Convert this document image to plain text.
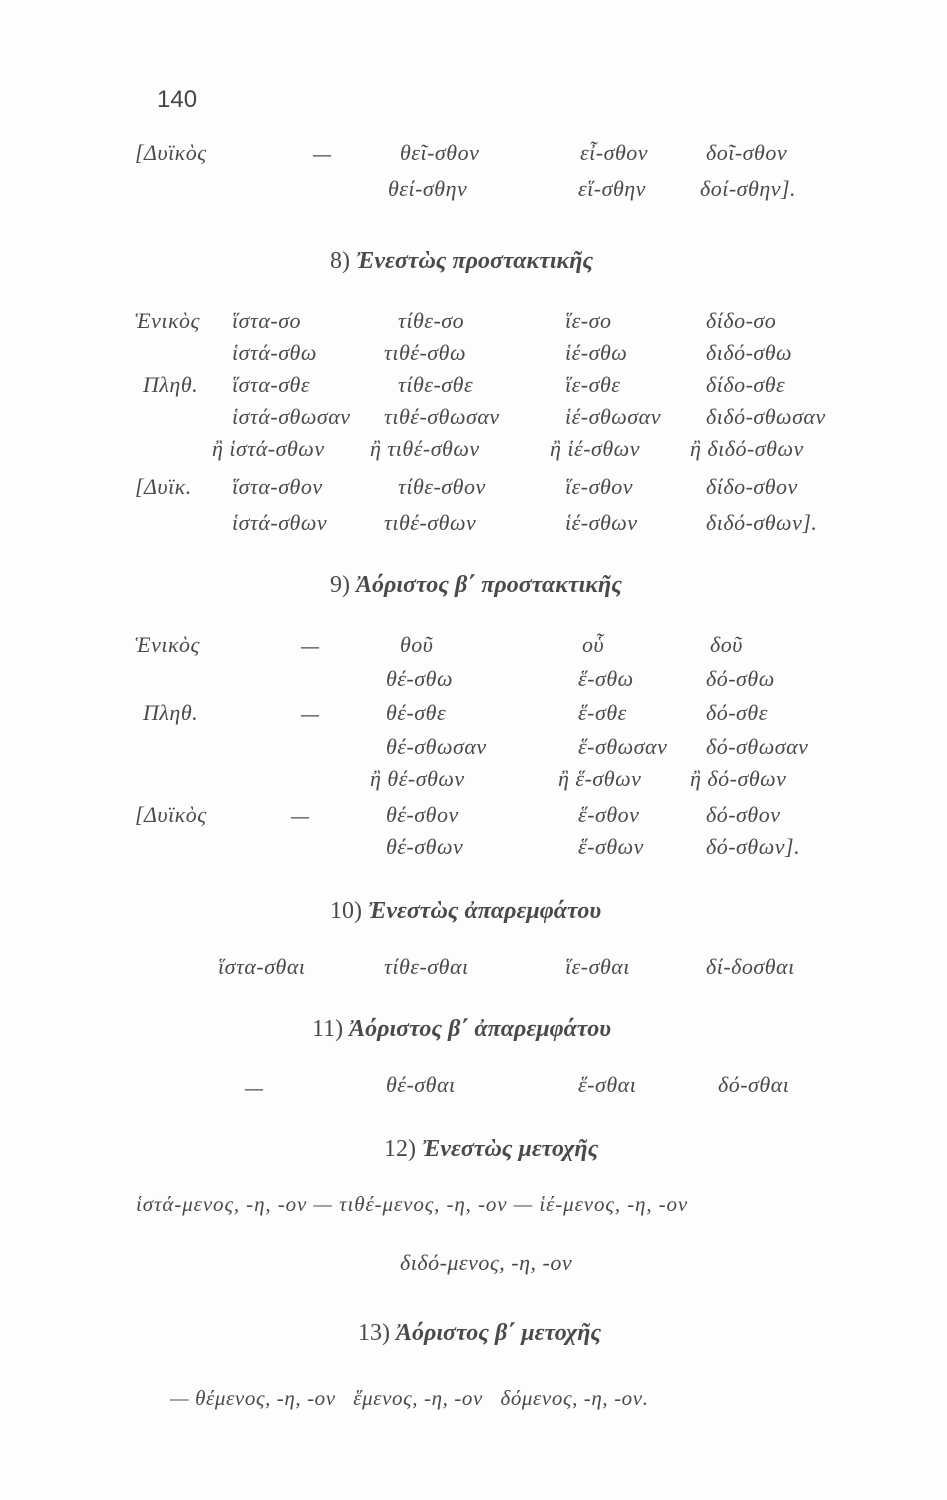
140
[Δυϊκὸς	—	θεῖ-σθον	εἶ-σθον	δοῖ-σθον
θεί-σθην	εἵ-σθην δοί-σθην].
8) Ἐνεστὼς προστακτικῆς
Ἑνικὸς ἵστα-σο	τίθε-σο	ἵε-σο	δίδο-σο
ἱστά-σθω	τιθέ-σθω	ἱέ-σθω	διδό-σθω
Πληθ. ἵστα-σθε	τίθε-σθε	ἵε-σθε	δίδο-σθε
ἱστά-σθωσαν τιθέ-σθωσαν	ἱέ-σθωσαν διδό-σθωσαν
ἢ ἱστά-σθων ἢ τιθέ-σθων	ἢ ἱέ-σθων ἢ διδό-σθων
[Δυϊκ. ἵστα-σθον	τίθε-σθον	ἵε-σθον	δίδο-σθον
ἱστά-σθων	τιθέ-σθων	ἱέ-σθων	διδό-σθων].
9) Ἀόριστος β΄ προστακτικῆς
Ἑνικὸς	—	θοῦ	οὗ	δοῦ
θέ-σθω	ἕ-σθω	δό-σθω
Πληθ.	—	θέ-σθε	ἕ-σθε	δό-σθε
θέ-σθωσαν	ἕ-σθωσαν δό-σθωσαν
ἢ θέ-σθων	ἢ ἕ-σθων ἢ δό-σθων
[Δυϊκὸς	—	θέ-σθον	ἕ-σθον	δό-σθον
θέ-σθων	ἕ-σθων	δό-σθων].
10) Ἐνεστὼς ἀπαρεμφάτου
ἵστα-σθαι	τίθε-σθαι	ἵε-σθαι	δί-δοσθαι
11) Ἀόριστος β΄ ἀπαρεμφάτου
—	θέ-σθαι	ἕ-σθαι	δό-σθαι
12) Ἐνεστὼς μετοχῆς
ἱστά-μενος, -η, -ον — τιθέ-μενος, -η, -ον — ἱέ-μενος, -η, -ον
διδό-μενος, -η, -ον
13) Ἀόριστος β΄ μετοχῆς
— θέμενος, -η, -ον   ἕμενος, -η, -ον   δόμενος, -η, -ον.
